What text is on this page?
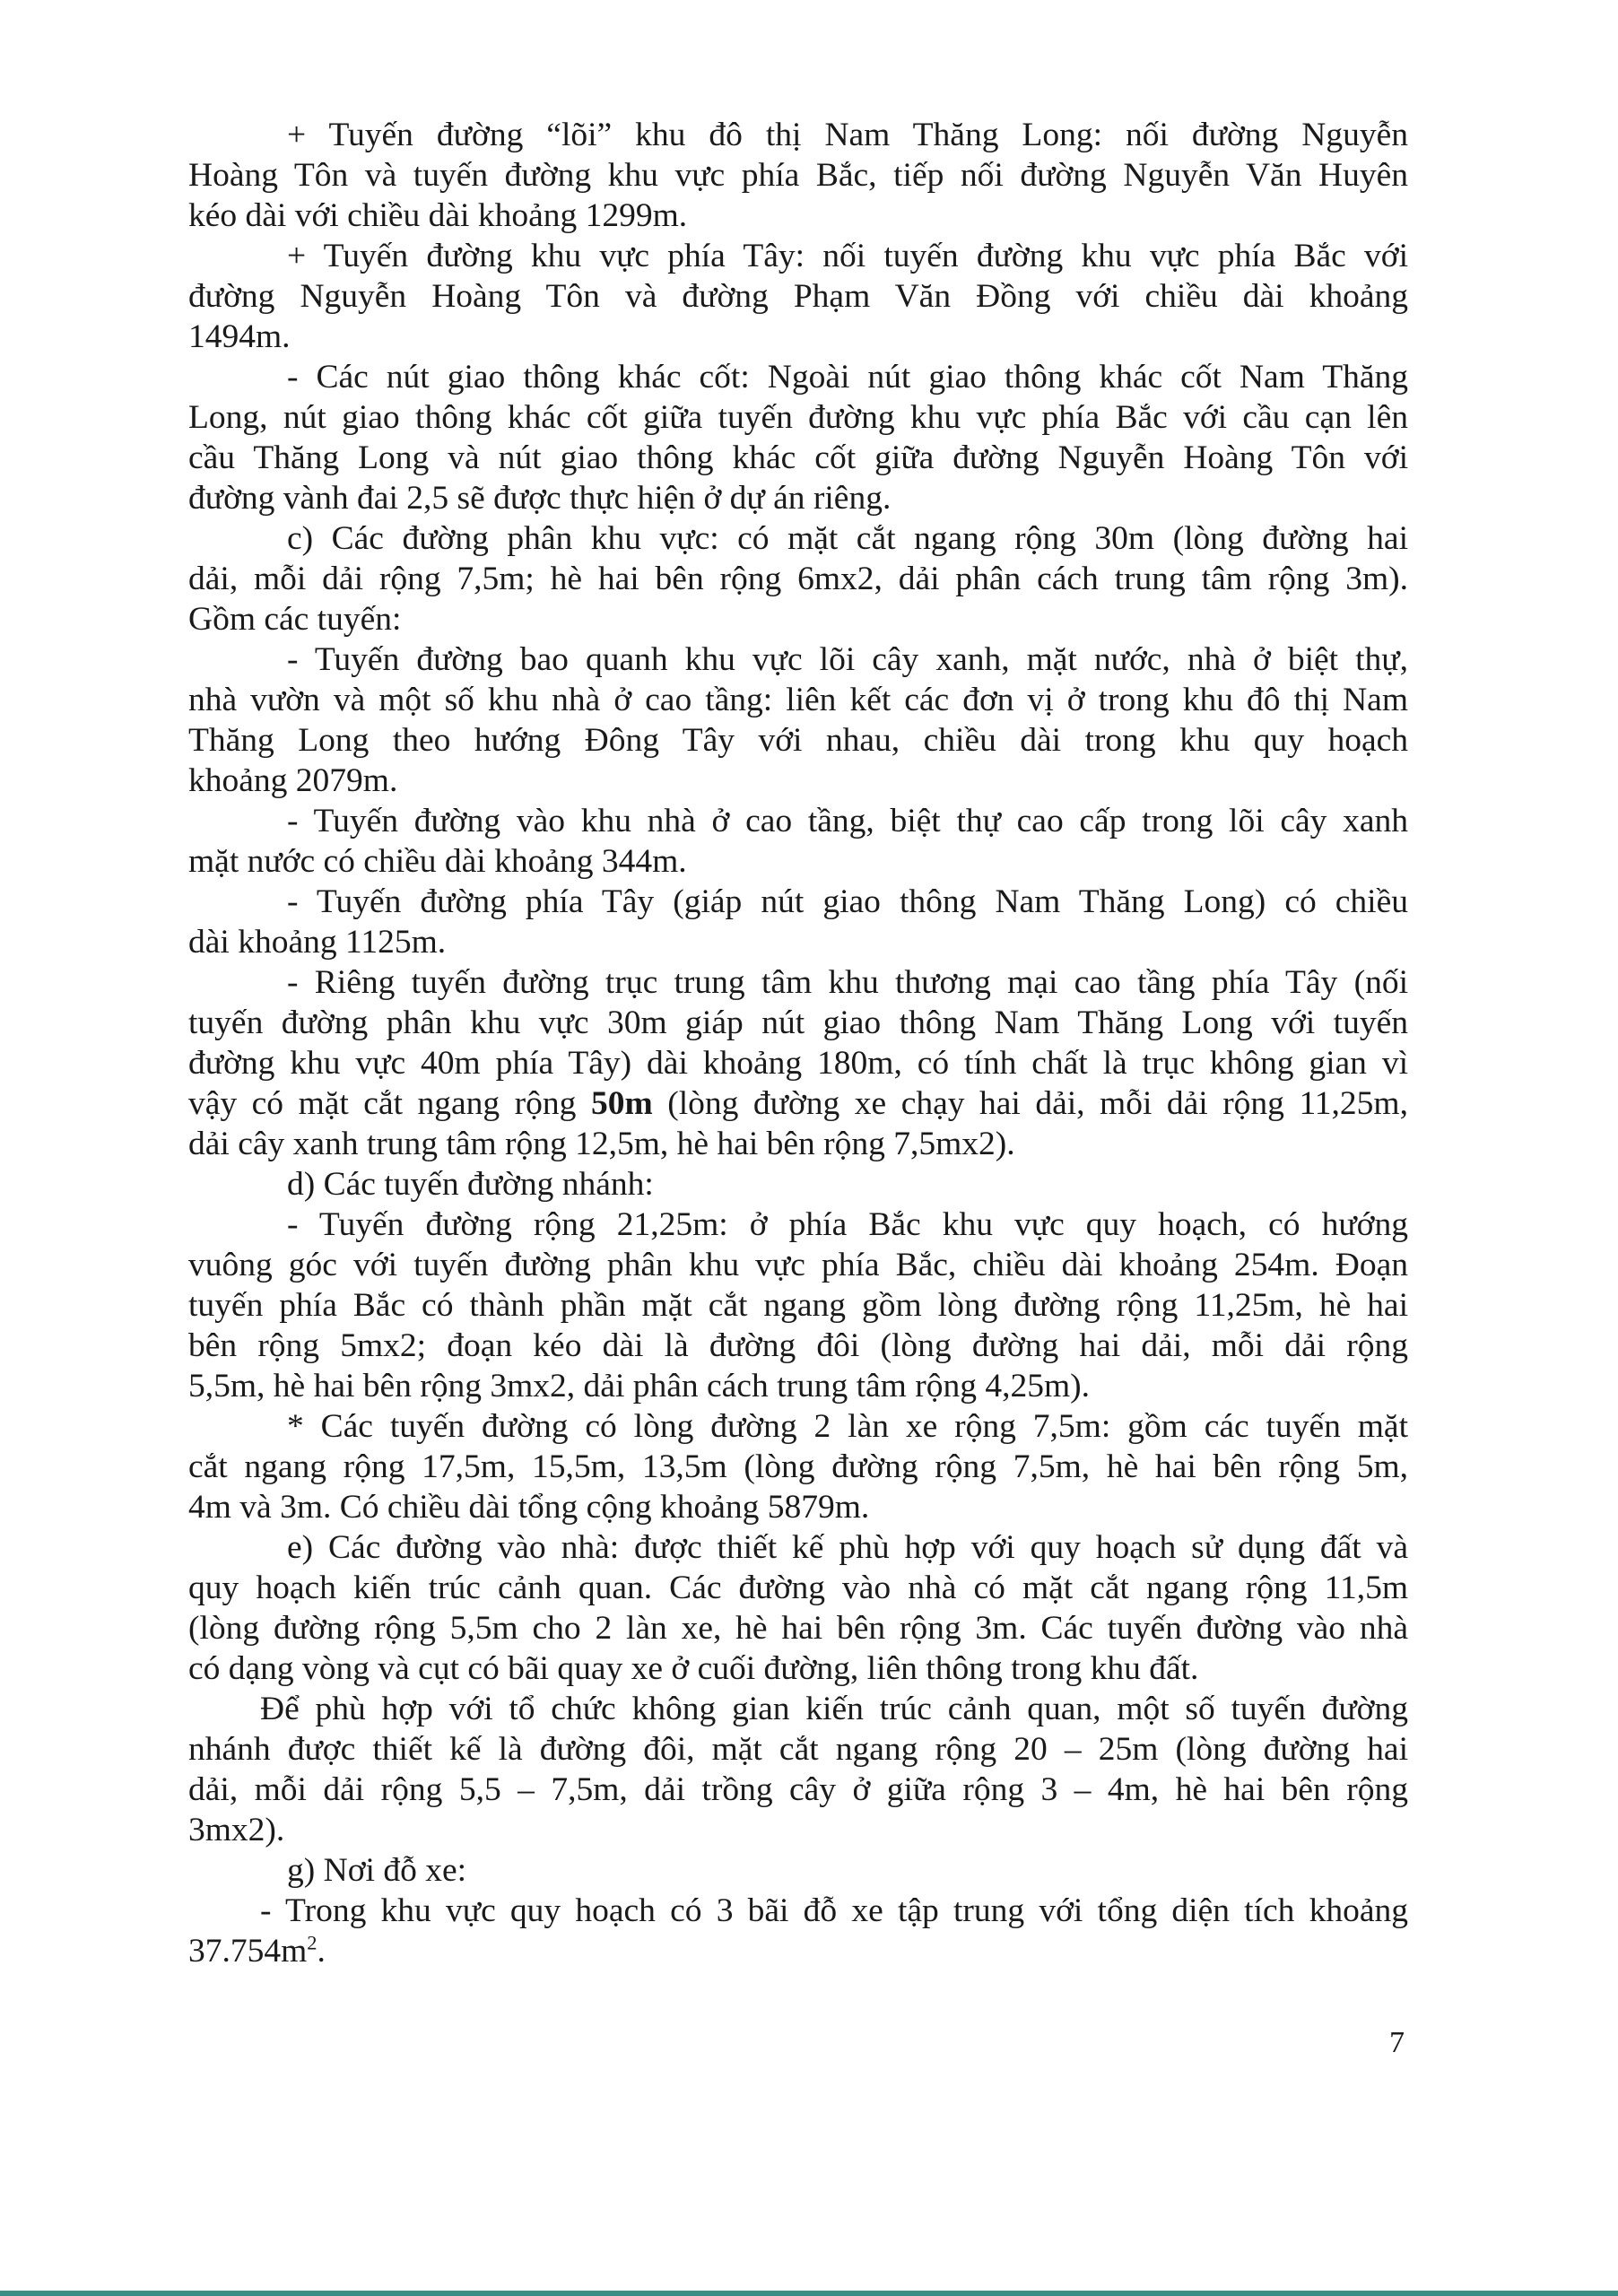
+ Tuyến đường “lõi” khu đô thị Nam Thăng Long: nối đường Nguyễn
Hoàng Tôn và tuyến đường khu vực phía Bắc, tiếp nối đường Nguyễn Văn Huyên
kéo dài với chiều dài khoảng 1299m.
+ Tuyến đường khu vực phía Tây: nối tuyến đường khu vực phía Bắc với
đường Nguyễn Hoàng Tôn và đường Phạm Văn Đồng với chiều dài khoảng
1494m.
- Các nút giao thông khác cốt: Ngoài nút giao thông khác cốt Nam Thăng
Long, nút giao thông khác cốt giữa tuyến đường khu vực phía Bắc với cầu cạn lên
cầu Thăng Long và nút giao thông khác cốt giữa đường Nguyễn Hoàng Tôn với
đường vành đai 2,5 sẽ được thực hiện ở dự án riêng.
c) Các đường phân khu vực: có mặt cắt ngang rộng 30m (lòng đường hai
dải, mỗi dải rộng 7,5m; hè hai bên rộng 6mx2, dải phân cách trung tâm rộng 3m).
Gồm các tuyến:
- Tuyến đường bao quanh khu vực lõi cây xanh, mặt nước, nhà ở biệt thự,
nhà vườn và một số khu nhà ở cao tầng: liên kết các đơn vị ở trong khu đô thị Nam
Thăng Long theo hướng Đông Tây với nhau, chiều dài trong khu quy hoạch
khoảng 2079m.
- Tuyến đường vào khu nhà ở cao tầng, biệt thự cao cấp trong lõi cây xanh
mặt nước có chiều dài khoảng 344m.
- Tuyến đường phía Tây (giáp nút giao thông Nam Thăng Long) có chiều
dài khoảng 1125m.
- Riêng tuyến đường trục trung tâm khu thương mại cao tầng phía Tây (nối
tuyến đường phân khu vực 30m giáp nút giao thông Nam Thăng Long với tuyến
đường khu vực 40m phía Tây) dài khoảng 180m, có tính chất là trục không gian vì
vậy có mặt cắt ngang rộng 50m (lòng đường xe chạy hai dải, mỗi dải rộng 11,25m,
dải cây xanh trung tâm rộng 12,5m, hè hai bên rộng 7,5mx2).
d) Các tuyến đường nhánh:
- Tuyến đường rộng 21,25m: ở phía Bắc khu vực quy hoạch, có hướng
vuông góc với tuyến đường phân khu vực phía Bắc, chiều dài khoảng 254m. Đoạn
tuyến phía Bắc có thành phần mặt cắt ngang gồm lòng đường rộng 11,25m, hè hai
bên rộng 5mx2; đoạn kéo dài là đường đôi (lòng đường hai dải, mỗi dải rộng
5,5m, hè hai bên rộng 3mx2, dải phân cách trung tâm rộng 4,25m).
* Các tuyến đường có lòng đường 2 làn xe rộng 7,5m: gồm các tuyến mặt
cắt ngang rộng 17,5m, 15,5m, 13,5m (lòng đường rộng 7,5m, hè hai bên rộng 5m,
4m và 3m. Có chiều dài tổng cộng khoảng 5879m.
e) Các đường vào nhà: được thiết kế phù hợp với quy hoạch sử dụng đất và
quy hoạch kiến trúc cảnh quan. Các đường vào nhà có mặt cắt ngang rộng 11,5m
(lòng đường rộng 5,5m cho 2 làn xe, hè hai bên rộng 3m. Các tuyến đường vào nhà
có dạng vòng và cụt có bãi quay xe ở cuối đường, liên thông trong khu đất.
Để phù hợp với tổ chức không gian kiến trúc cảnh quan, một số tuyến đường
nhánh được thiết kế là đường đôi, mặt cắt ngang rộng 20 – 25m (lòng đường hai
dải, mỗi dải rộng 5,5 – 7,5m, dải trồng cây ở giữa rộng 3 – 4m, hè hai bên rộng
3mx2).
g) Nơi đỗ xe:
- Trong khu vực quy hoạch có 3 bãi đỗ xe tập trung với tổng diện tích khoảng
$37.754m^2$.
7
